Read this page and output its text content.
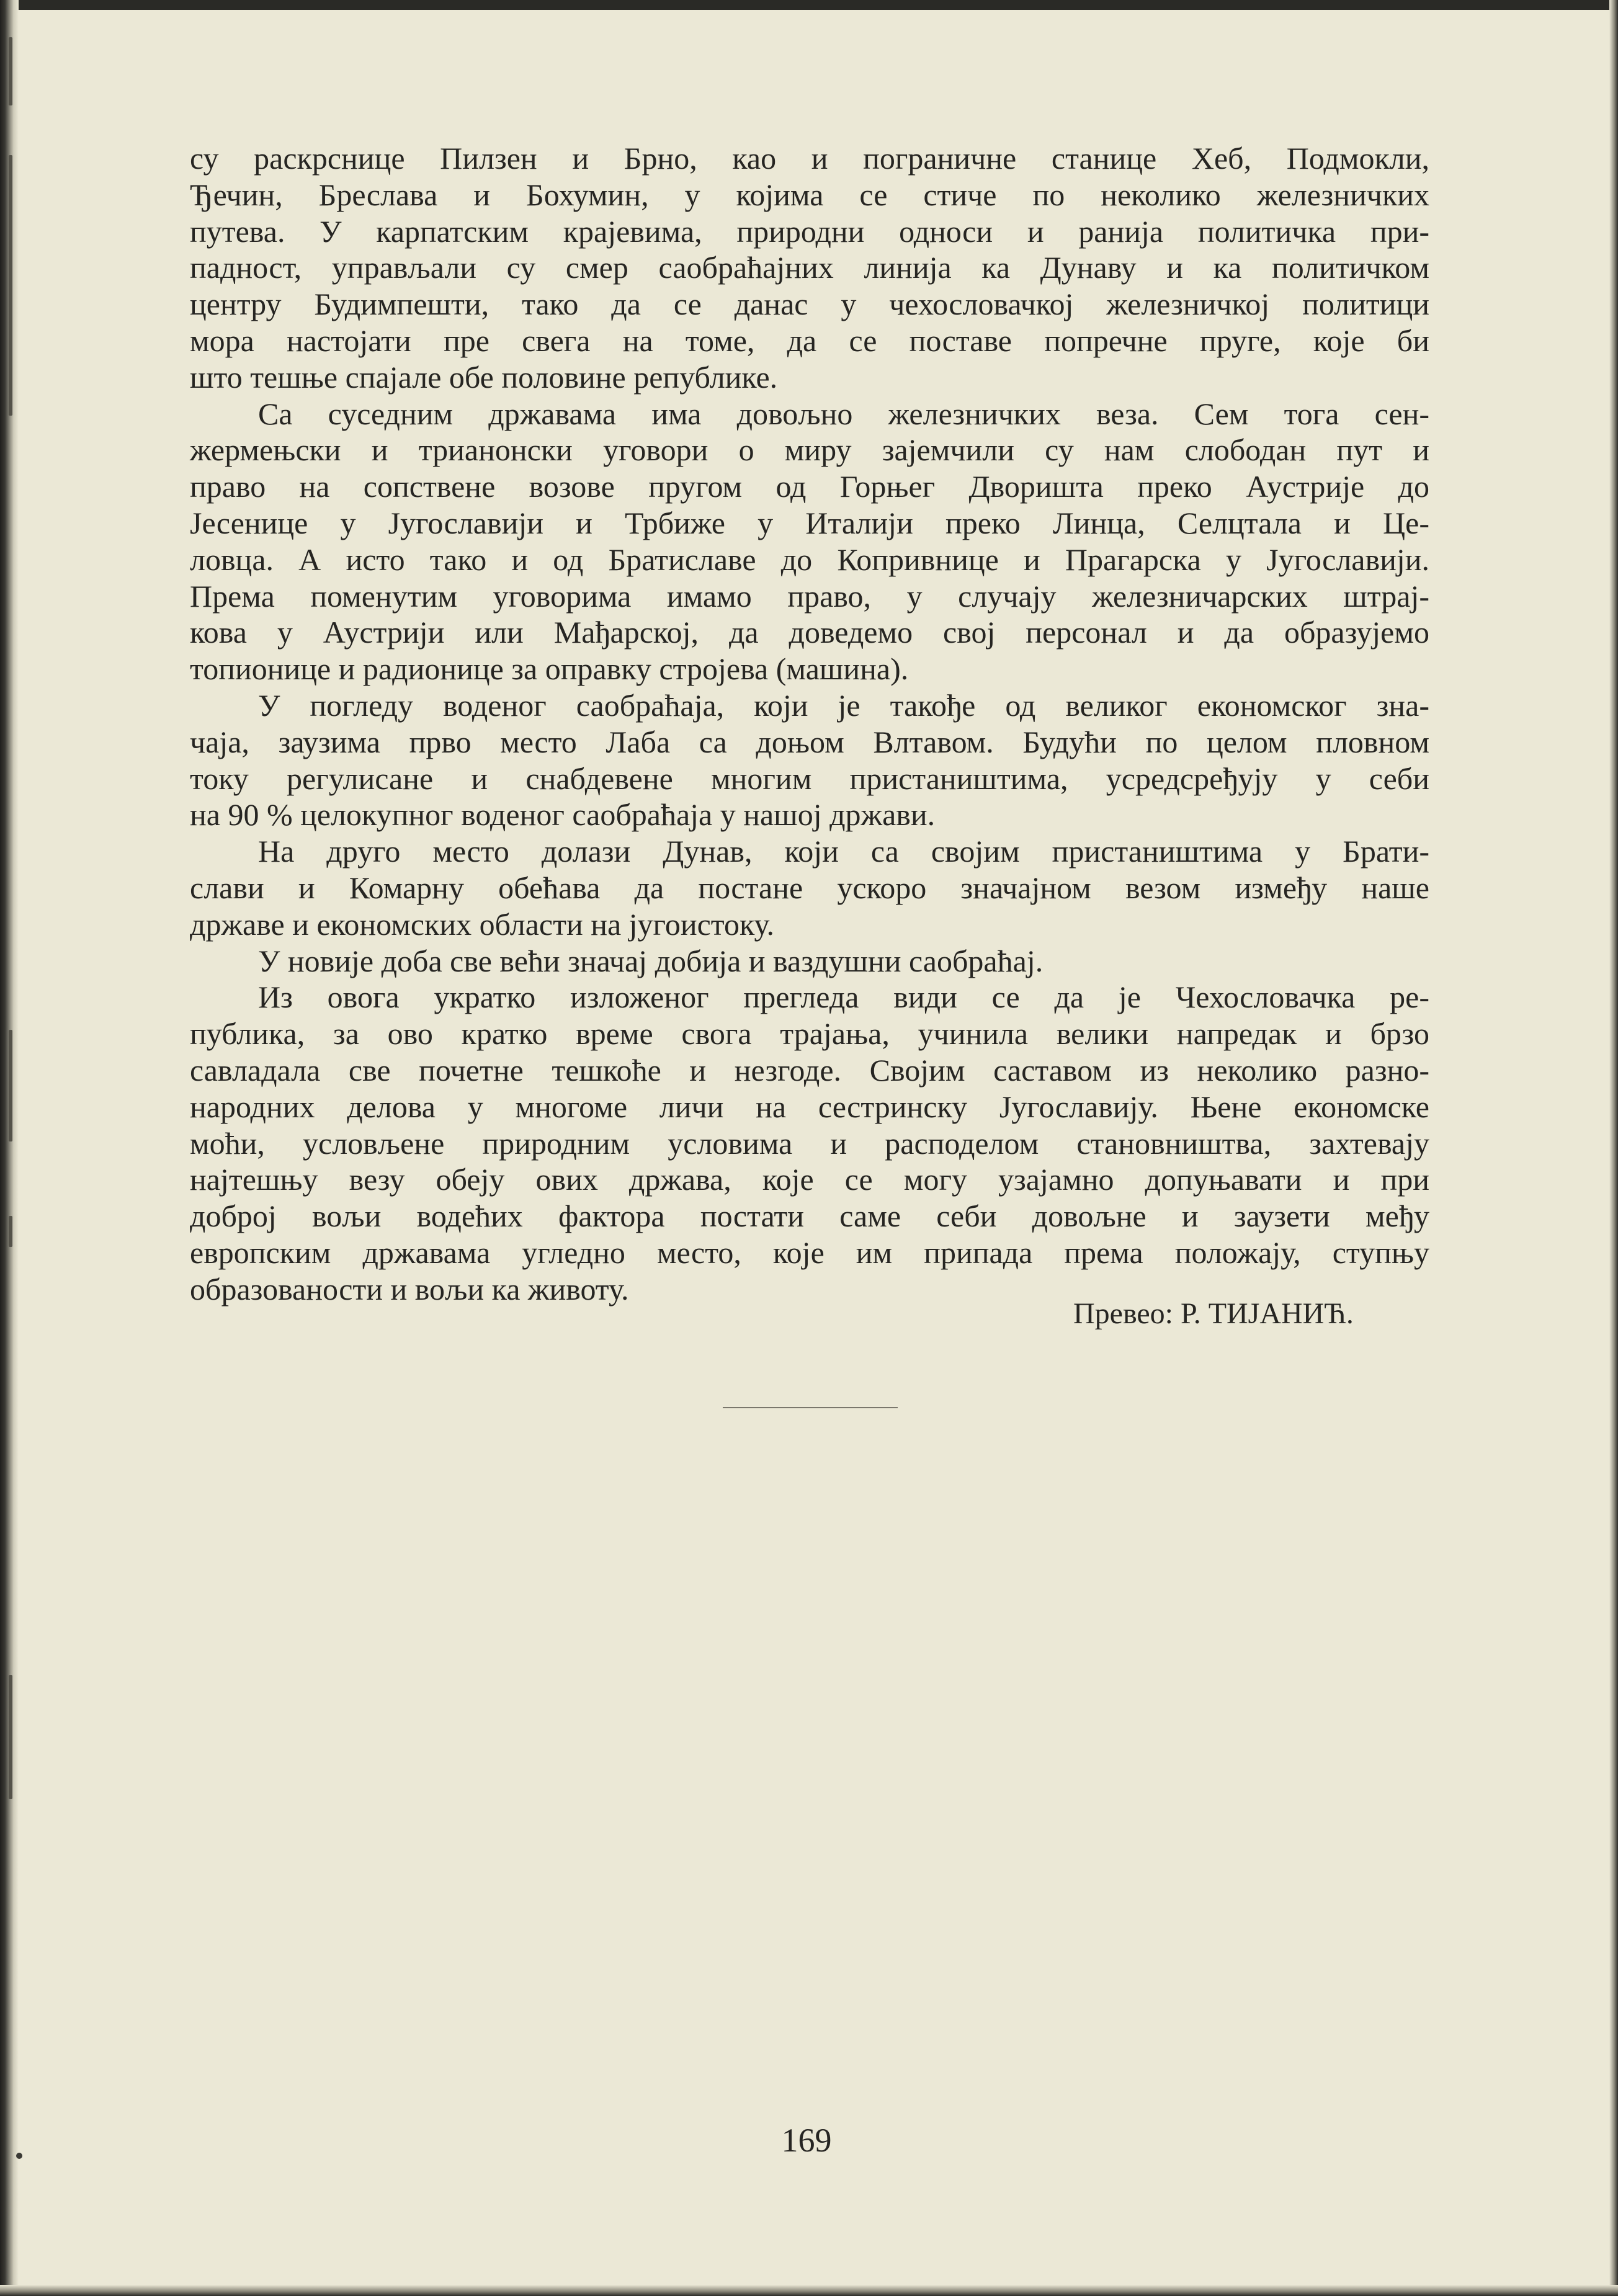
су раскрснице Пилзен и Брно, као и пограничне станице Хеб, Подмокли,
Ђечин, Бреслава и Бохумин, у којима се стиче по неколико железничких
путева. У карпатским крајевима, природни односи и ранија политичка при-
падност, управљали су смер саобраћајних линија ка Дунаву и ка политичком
центру Будимпешти, тако да се данас у чехословачкој железничкој политици
мора настојати пре свега на томе, да се поставе попречне пруге, које би
што тешње спајале обе половине републике.
Са суседним државама има довољно железничких веза. Сем тога сен-
жермењски и трианонски уговори о миру зајемчили су нам слободан пут и
право на сопствене возове пругом од Горњег Дворишта преко Аустрије до
Јесенице у Југославији и Трбиже у Италији преко Линца, Селцтала и Це-
ловца. А исто тако и од Братиславе до Копривнице и Прагарска у Југославији.
Према поменутим уговорима имамо право, у случају железничарских штрај-
кова у Аустрији или Мађарској, да доведемо свој персонал и да образујемо
топионице и радионице за оправку стројева (машина).
У погледу воденог саобраћаја, који је такође од великог економског зна-
чаја, заузима прво место Лаба са доњом Влтавом. Будући по целом пловном
току регулисане и снабдевене многим пристаништима, усредсређују у себи
на 90 % целокупног воденог саобраћаја у нашој држави.
На друго место долази Дунав, који са својим пристаништима у Брати-
слави и Комарну обећава да постане ускоро значајном везом између наше
државе и економских области на југоистоку.
У новије доба све већи значај добија и ваздушни саобраћај.
Из овога укратко изложеног прегледа види се да је Чехословачка ре-
публика, за ово кратко време свога трајања, учинила велики напредак и брзо
савладала све почетне тешкоће и незгоде. Својим саставом из неколико разно-
народних делова у многоме личи на сестринску Југославију. Њене економске
моћи, условљене природним условима и расподелом становништва, захтевају
најтешњу везу обеју ових држава, које се могу узајамно допуњавати и при
доброј вољи водећих фактора постати саме себи довољне и заузети међу
европским државама угледно место, које им припада према положају, ступњу
образованости и вољи ка животу.
Превео: Р. ТИЈАНИЋ.
169
